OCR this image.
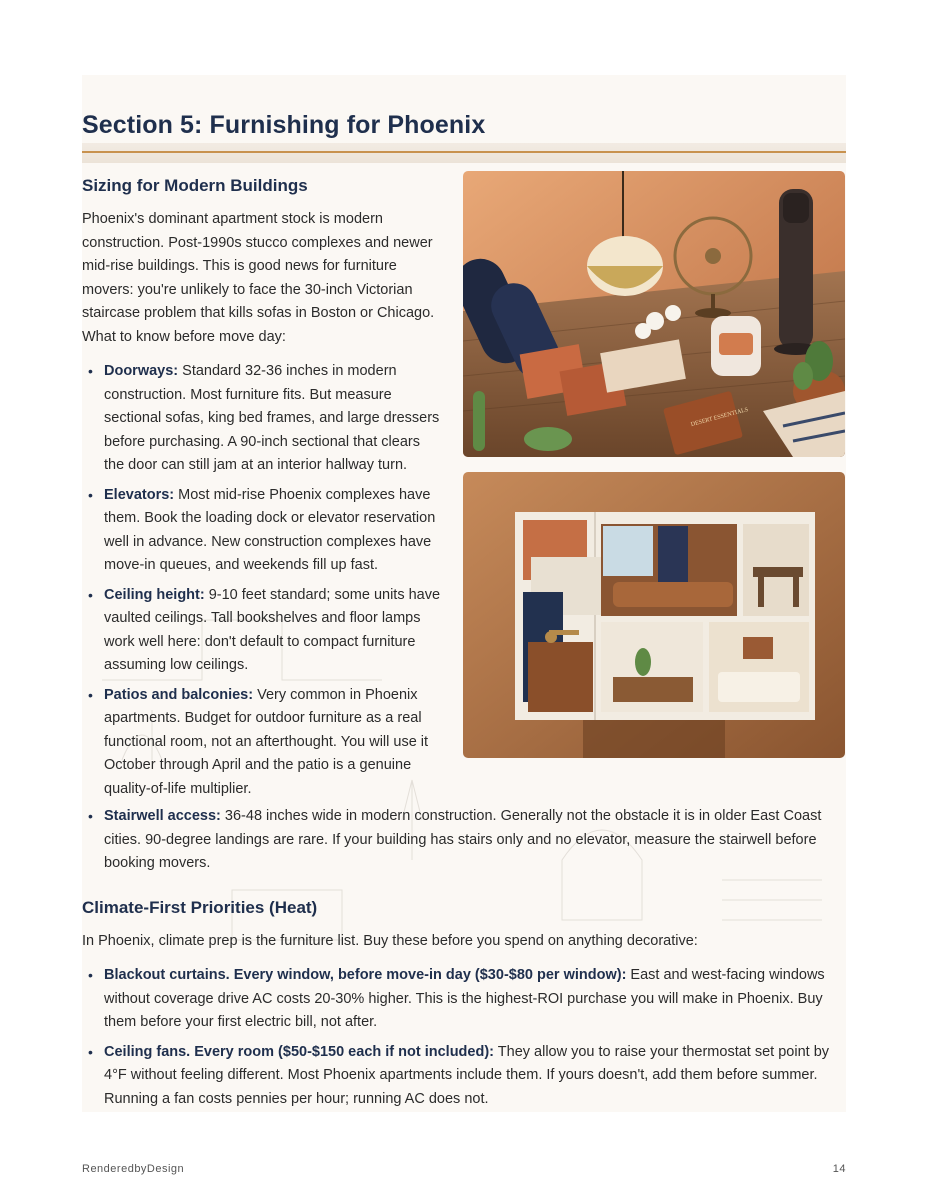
Section 5: Furnishing for Phoenix
Sizing for Modern Buildings

Phoenix's dominant apartment stock is modern construction. Post-1990s stucco complexes and newer mid-rise buildings. This is good news for furniture movers: you're unlikely to face the 30-inch Victorian staircase problem that kills sofas in Boston or Chicago. What to know before move day:

• Doorways: Standard 32-36 inches in modern construction. Most furniture fits. But measure sectional sofas, king bed frames, and large dressers before purchasing. A 90-inch sectional that clears the door can still jam at an interior hallway turn.
• Elevators: Most mid-rise Phoenix complexes have them. Book the loading dock or elevator reservation well in advance. New construction complexes have move-in queues, and weekends fill up fast.
• Ceiling height: 9-10 feet standard; some units have vaulted ceilings. Tall bookshelves and floor lamps work well here: don't default to compact furniture assuming low ceilings.
• Patios and balconies: Very common in Phoenix apartments. Budget for outdoor furniture as a real functional room, not an afterthought. You will use it October through April and the patio is a genuine quality-of-life multiplier.
• Stairwell access: 36-48 inches wide in modern construction. Generally not the obstacle it is in older East Coast cities. 90-degree landings are rare. If your building has stairs only and no elevator, measure the stairwell before booking movers.
Climate-First Priorities (Heat)

In Phoenix, climate prep is the furniture list. Buy these before you spend on anything decorative:

• Blackout curtains. Every window, before move-in day ($30-$80 per window): East and west-facing windows without coverage drive AC costs 20-30% higher. This is the highest-ROI purchase you will make in Phoenix. Buy them before your first electric bill, not after.
• Ceiling fans. Every room ($50-$150 each if not included): They allow you to raise your thermostat set point by 4°F without feeling different. Most Phoenix apartments include them. If yours doesn't, add them before summer. Running a fan costs pennies per hour; running AC does not.
DESERT ESSENTIALS
RenderedbyDesign	14
